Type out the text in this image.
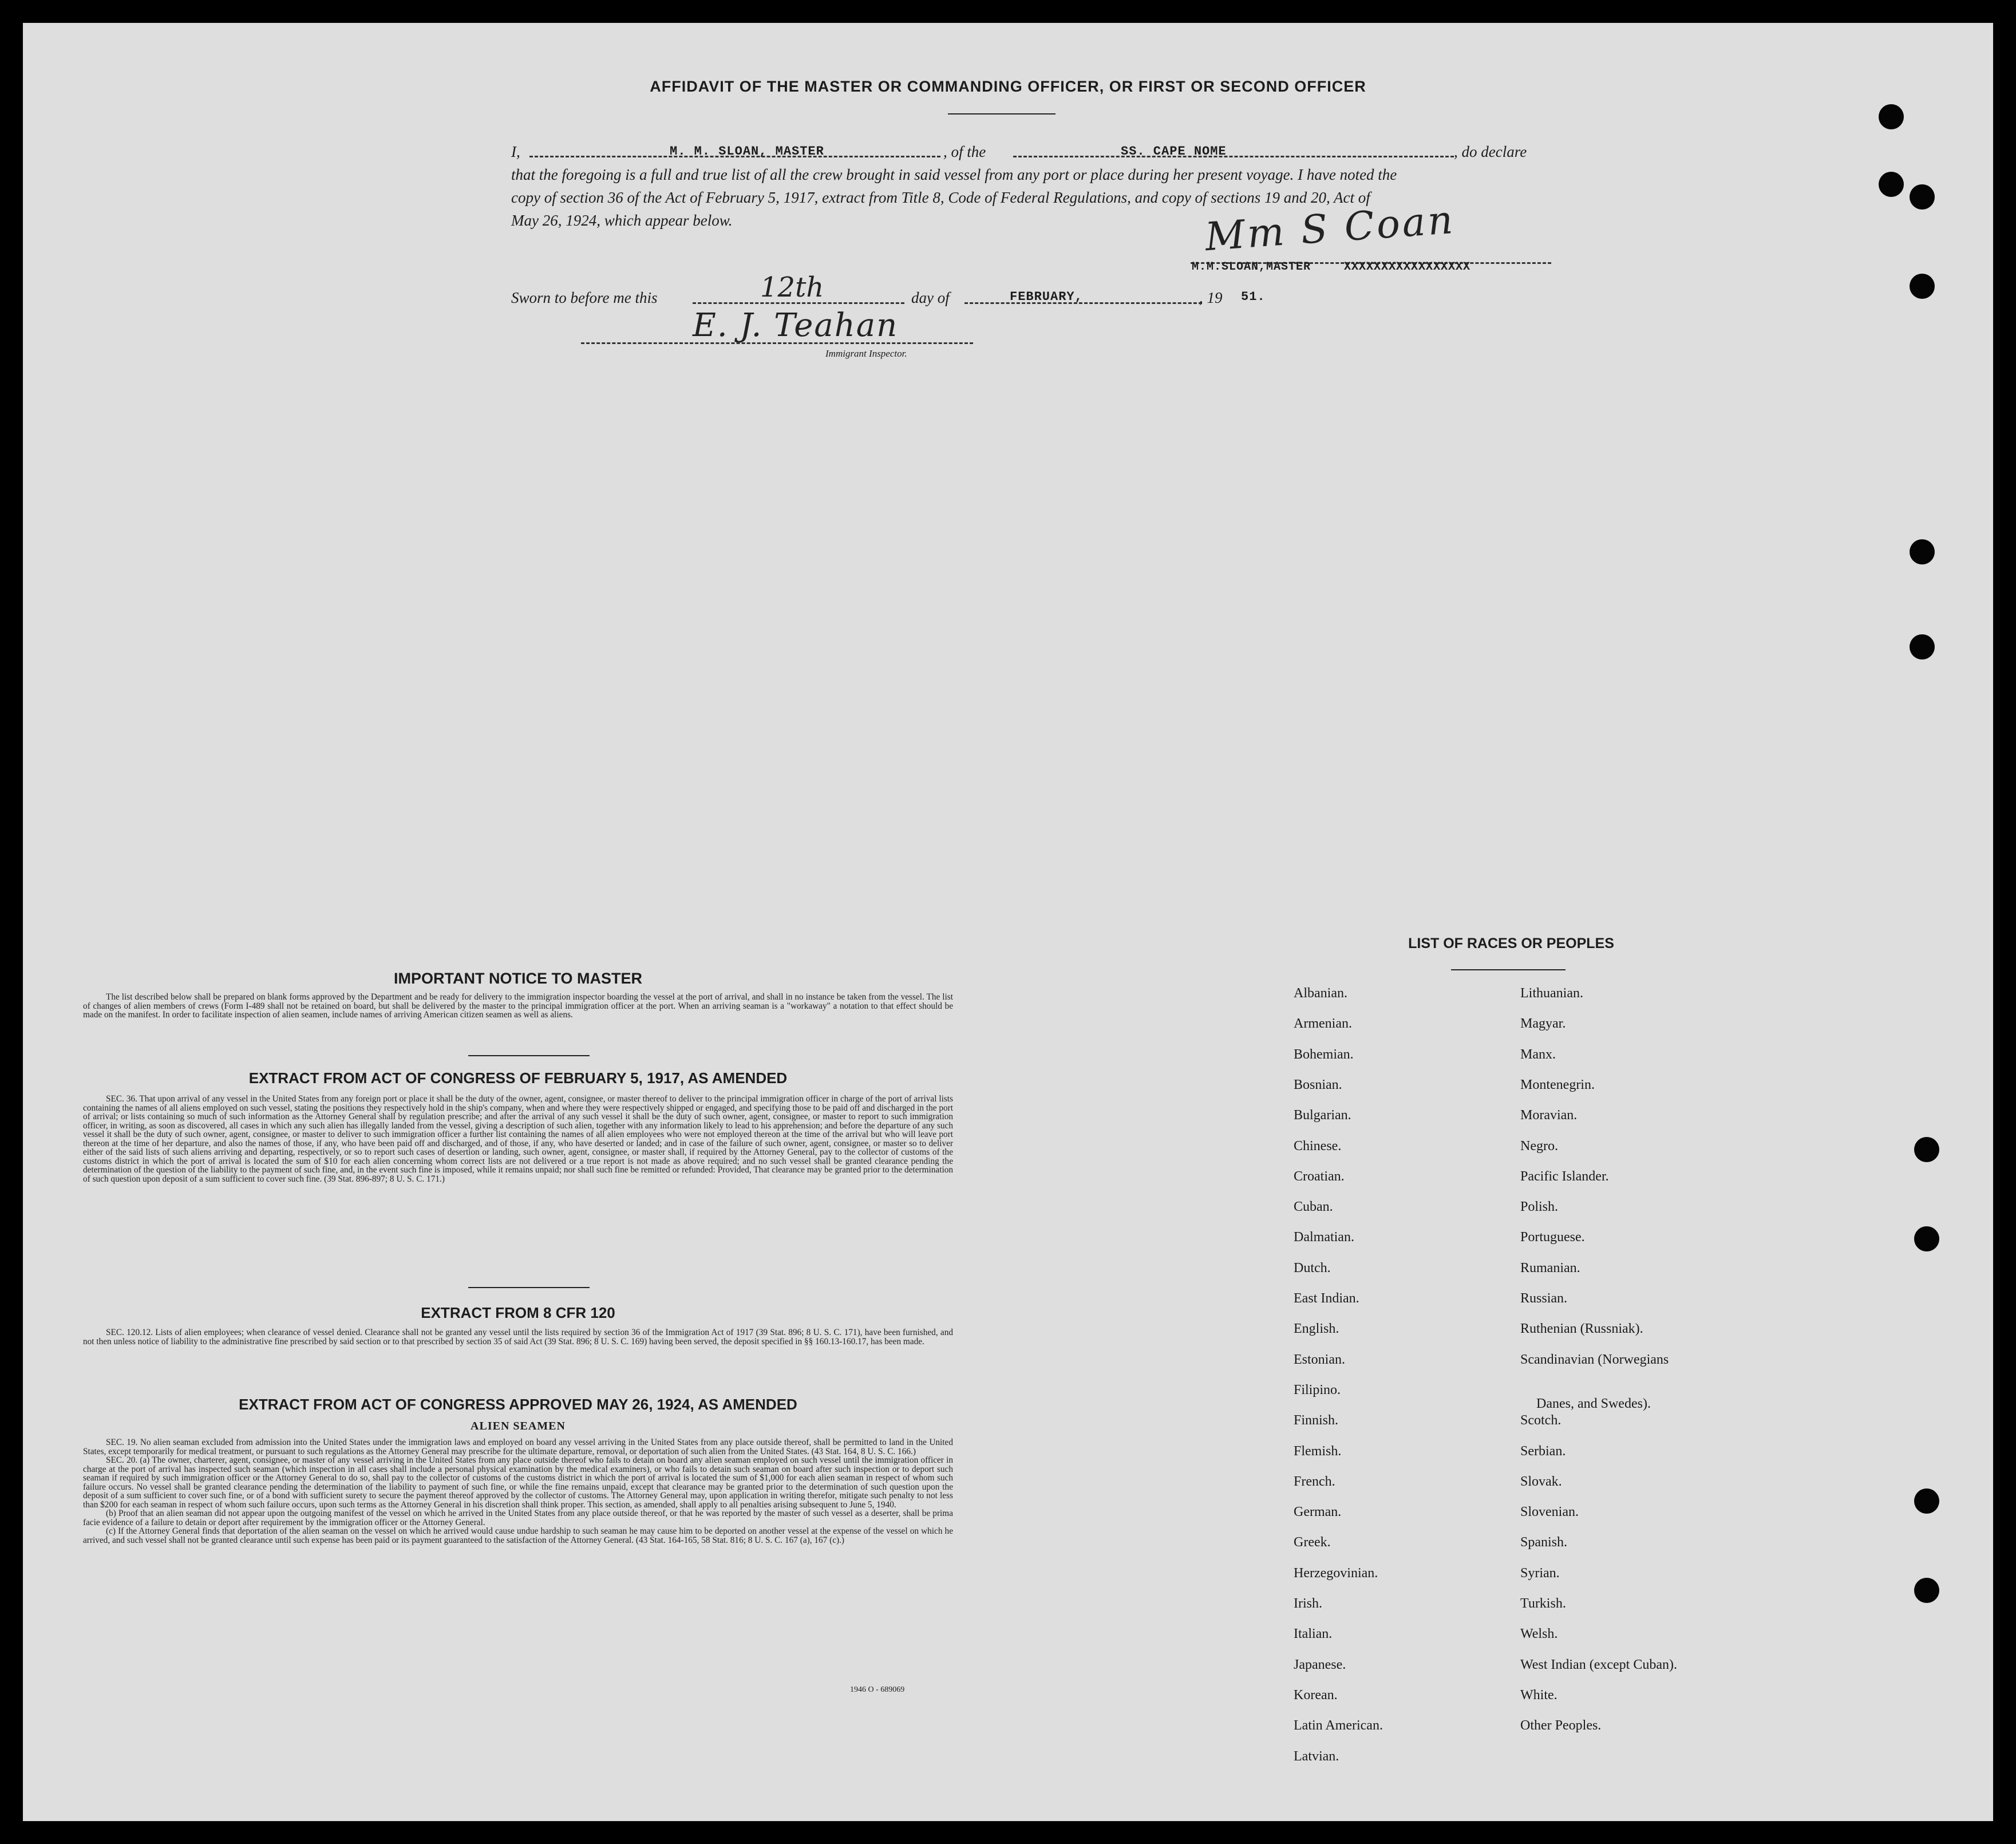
AFFIDAVIT OF THE MASTER OR COMMANDING OFFICER, OR FIRST OR SECOND OFFICER
I,	M. M. SLOAN, MASTER	, of the	SS. CAPE NOME	, do declare
that the foregoing is a full and true list of all the crew brought in said vessel from any port or place during her present voyage. I have noted the
copy of section 36 of the Act of February 5, 1917, extract from Title 8, Code of Federal Regulations, and copy of sections 19 and 20, Act of
May 26, 1924, which appear below.	Mm S Coan
M.M.SLOAN,MASTER	XXXXXXXXXXXXXXXXX
Sworn to before me this	12th	day of	FEBRUARY,	, 19 51.
E. J. Teahan
Immigrant Inspector.
IMPORTANT NOTICE TO MASTER

The list described below shall be prepared on blank forms approved by the Department and be ready for delivery to the immigration inspector boarding the vessel at the port of arrival, and shall in no instance be taken from the vessel. The list of changes of alien members of crews (Form I-489 shall not be retained on board, but shall be delivered by the master to the principal immigration officer at the port. When an arriving seaman is a "workaway" a notation to that effect should be made on the manifest. In order to facilitate inspection of alien seamen, include names of arriving American citizen seamen as well as aliens.

EXTRACT FROM ACT OF CONGRESS OF FEBRUARY 5, 1917, AS AMENDED

SEC. 36. That upon arrival of any vessel in the United States from any foreign port or place it shall be the duty of the owner, agent, consignee, or master thereof to deliver to the principal immigration officer in charge of the port of arrival lists containing the names of all aliens employed on such vessel, stating the positions they respectively hold in the ship's company, when and where they were respectively shipped or engaged, and specifying those to be paid off and discharged in the port of arrival; or lists containing so much of such information as the Attorney General shall by regulation prescribe; and after the arrival of any such vessel it shall be the duty of such owner, agent, consignee, or master to report to such immigration officer, in writing, as soon as discovered, all cases in which any such alien has illegally landed from the vessel, giving a description of such alien, together with any information likely to lead to his apprehension; and before the departure of any such vessel it shall be the duty of such owner, agent, consignee, or master to deliver to such immigration officer a further list containing the names of all alien employees who were not employed thereon at the time of the arrival but who will leave port thereon at the time of her departure, and also the names of those, if any, who have been paid off and discharged, and of those, if any, who have deserted or landed; and in case of the failure of such owner, agent, consignee, or master so to deliver either of the said lists of such aliens arriving and departing, respectively, or so to report such cases of desertion or landing, such owner, agent, consignee, or master shall, if required by the Attorney General, pay to the collector of customs of the customs district in which the port of arrival is located the sum of $10 for each alien concerning whom correct lists are not delivered or a true report is not made as above required; and no such vessel shall be granted clearance pending the determination of the question of the liability to the payment of such fine, and, in the event such fine is imposed, while it remains unpaid; nor shall such fine be remitted or refunded: Provided, That clearance may be granted prior to the determination of such question upon deposit of a sum sufficient to cover such fine. (39 Stat. 896-897; 8 U. S. C. 171.)

EXTRACT FROM 8 CFR 120

SEC. 120.12. Lists of alien employees; when clearance of vessel denied. Clearance shall not be granted any vessel until the lists required by section 36 of the Immigration Act of 1917 (39 Stat. 896; 8 U. S. C. 171), have been furnished, and not then unless notice of liability to the administrative fine prescribed by said section or to that prescribed by section 35 of said Act (39 Stat. 896; 8 U. S. C. 169) having been served, the deposit specified in §§ 160.13-160.17, has been made.

EXTRACT FROM ACT OF CONGRESS APPROVED MAY 26, 1924, AS AMENDED
ALIEN SEAMEN

SEC. 19. No alien seaman excluded from admission into the United States under the immigration laws and employed on board any vessel arriving in the United States from any place outside thereof, shall be permitted to land in the United States, except temporarily for medical treatment, or pursuant to such regulations as the Attorney General may prescribe for the ultimate departure, removal, or deportation of such alien from the United States. (43 Stat. 164, 8 U. S. C. 166.)

SEC. 20. (a) The owner, charterer, agent, consignee, or master of any vessel arriving in the United States from any place outside thereof who fails to detain on board any alien seaman employed on such vessel until the immigration officer in charge at the port of arrival has inspected such seaman (which inspection in all cases shall include a personal physical examination by the medical examiners), or who fails to detain such seaman on board after such inspection or to deport such seaman if required by such immigration officer or the Attorney General to do so, shall pay to the collector of customs of the customs district in which the port of arrival is located the sum of $1,000 for each alien seaman in respect of whom such failure occurs. No vessel shall be granted clearance pending the determination of the liability to payment of such fine, or while the fine remains unpaid, except that clearance may be granted prior to the determination of such question upon the deposit of a sum sufficient to cover such fine, or of a bond with sufficient surety to secure the payment thereof approved by the collector of customs. The Attorney General may, upon application in writing therefor, mitigate such penalty to not less than $200 for each seaman in respect of whom such failure occurs, upon such terms as the Attorney General in his discretion shall think proper. This section, as amended, shall apply to all penalties arising subsequent to June 5, 1940.

(b) Proof that an alien seaman did not appear upon the outgoing manifest of the vessel on which he arrived in the United States from any place outside thereof, or that he was reported by the master of such vessel as a deserter, shall be prima facie evidence of a failure to detain or deport after requirement by the immigration officer or the Attorney General.

(c) If the Attorney General finds that deportation of the alien seaman on the vessel on which he arrived would cause undue hardship to such seaman he may cause him to be deported on another vessel at the expense of the vessel on which he arrived, and such vessel shall not be granted clearance until such expense has been paid or its payment guaranteed to the satisfaction of the Attorney General. (43 Stat. 164-165, 58 Stat. 816; 8 U. S. C. 167 (a), 167 (c).)

1946 O - 689069
LIST OF RACES OR PEOPLES
Albanian.
Armenian.
Bohemian.
Bosnian.
Bulgarian.
Chinese.
Croatian.
Cuban.
Dalmatian.
Dutch.
East Indian.
English.
Estonian.
Filipino.
Finnish.
Flemish.
French.
German.
Greek.
Herzegovinian.
Irish.
Italian.
Japanese.
Korean.
Latin American.
Latvian.
Lithuanian.
Magyar.
Manx.
Montenegrin.
Moravian.
Negro.
Pacific Islander.
Polish.
Portuguese.
Rumanian.
Russian.
Ruthenian (Russniak).
Scandinavian (Norwegians
Danes, and Swedes).
Scotch.
Serbian.
Slovak.
Slovenian.
Spanish.
Syrian.
Turkish.
Welsh.
West Indian (except Cuban).
White.
Other Peoples.
